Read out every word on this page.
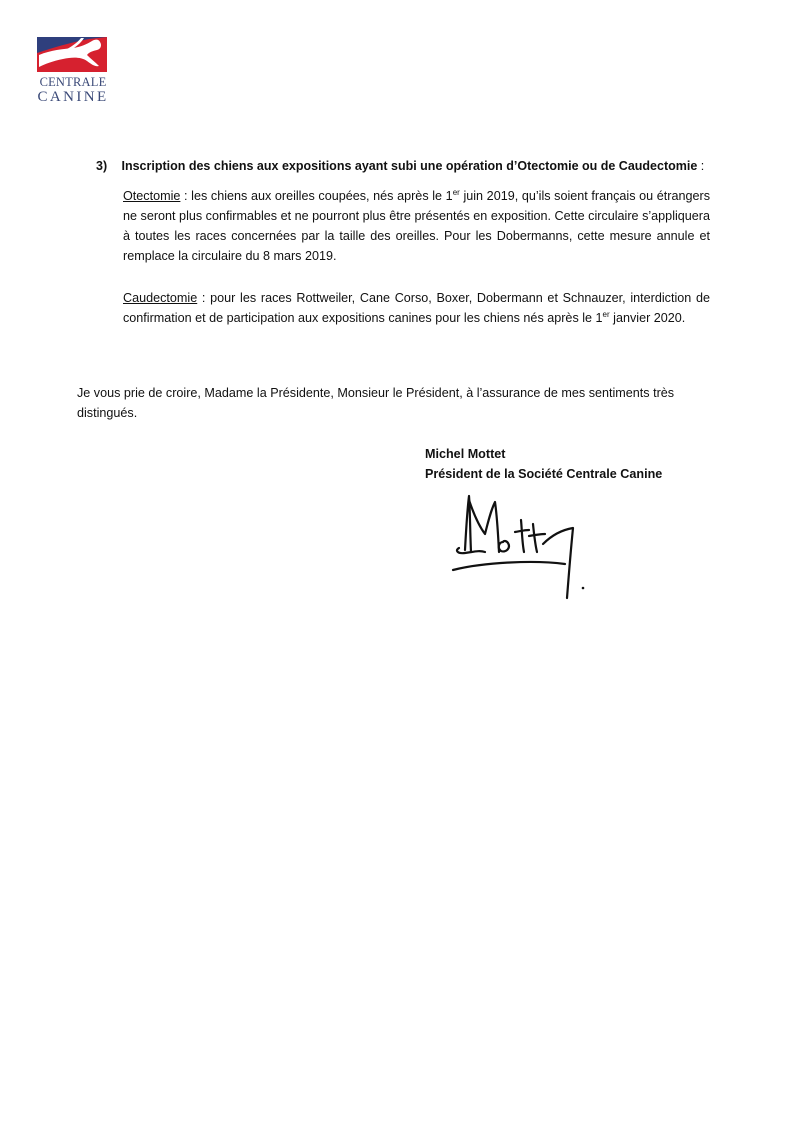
CENTRALE
CANINE
3) Inscription des chiens aux expositions ayant subi une opération d’Otectomie ou de Caudectomie :
Otectomie : les chiens aux oreilles coupées, nés après le 1er juin 2019, qu’ils soient français ou étrangers ne seront plus confirmables et ne pourront plus être présentés en exposition. Cette circulaire s’appliquera à toutes les races concernées par la taille des oreilles. Pour les Dobermanns, cette mesure annule et remplace la circulaire du 8 mars 2019.
Caudectomie : pour les races Rottweiler, Cane Corso, Boxer, Dobermann et Schnauzer, interdiction de confirmation et de participation aux expositions canines pour les chiens nés après le 1er janvier 2020.
Je vous prie de croire, Madame la Présidente, Monsieur le Président, à l’assurance de mes sentiments très distingués.
Michel Mottet
Président de la Société Centrale Canine
